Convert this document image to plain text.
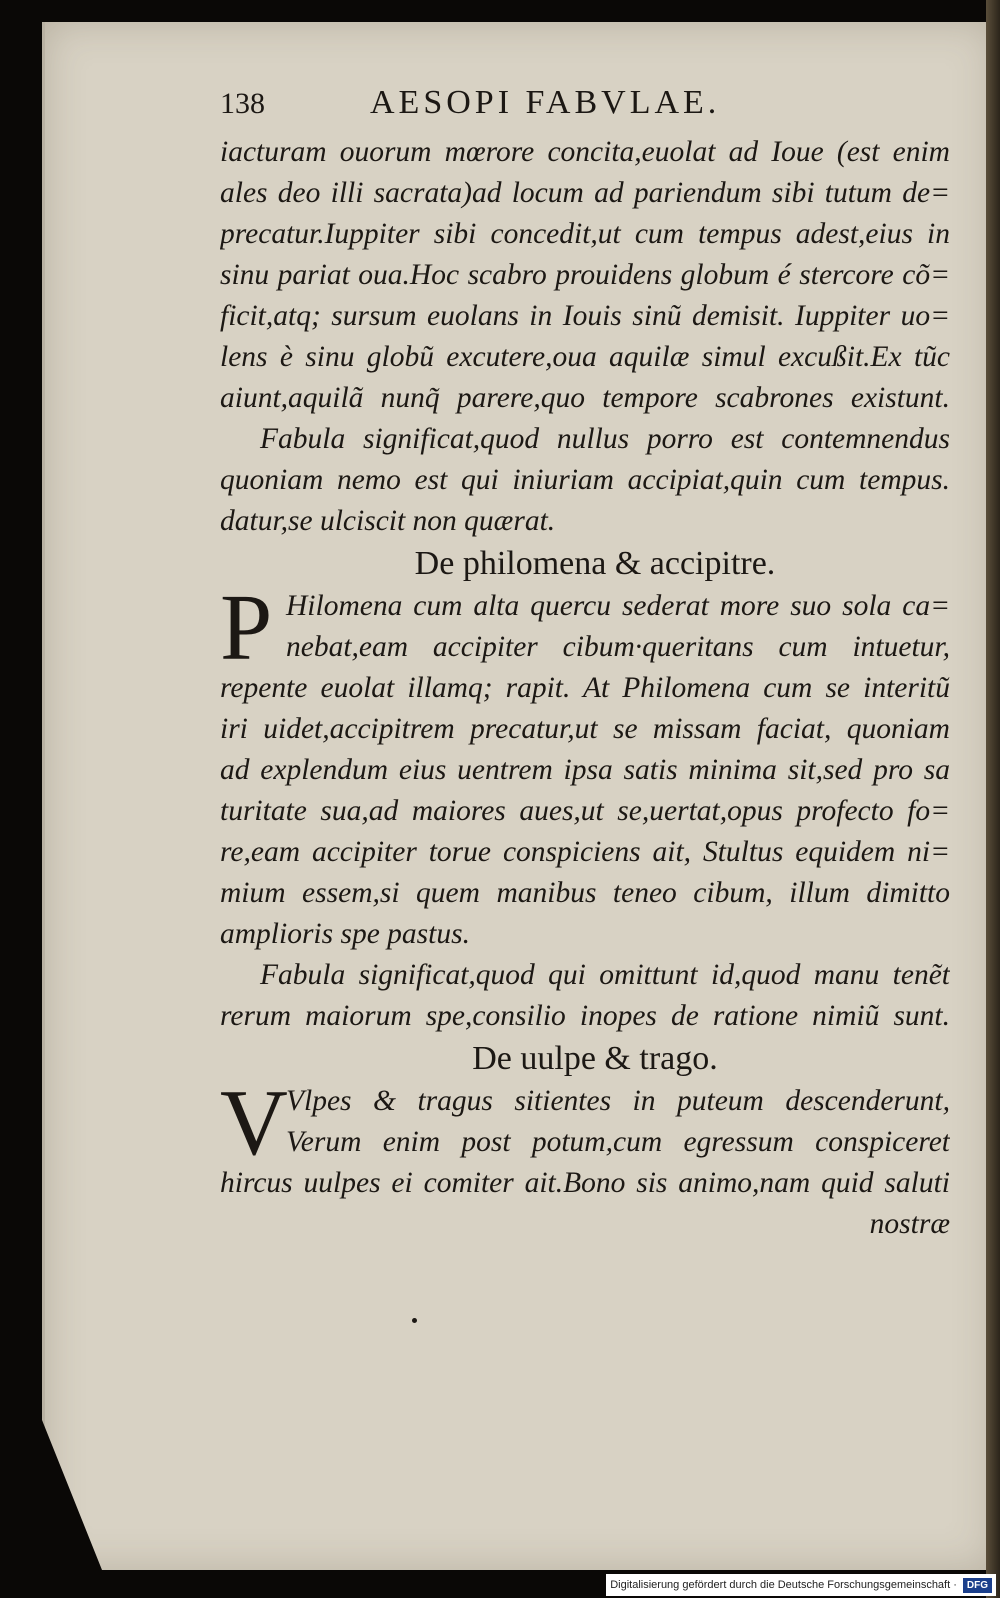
138	AESOPI FABVLAE.
iacturam ouorum mœrore concita,euolat ad Ioue (est enim
ales deo illi sacrata)ad locum ad pariendum sibi tutum de=
precatur.Iuppiter sibi concedit,ut cum tempus adest,eius in
sinu pariat oua.Hoc scabro prouidens globum é stercore cõ=
ficit,atq; sursum euolans in Iouis sinũ demisit. Iuppiter uo=
lens è sinu globũ excutere,oua aquilæ simul excußit.Ex tũc
aiunt,aquilã nunq̃ parere,quo tempore scabrones existunt.
Fabula significat,quod nullus porro est contemnendus
quoniam nemo est qui iniuriam accipiat,quin cum tempus.
datur,se ulciscit non quærat.
De philomena & accipitre.
P Hilomena cum alta quercu sederat more suo sola ca=
nebat,eam accipiter cibum·queritans cum intuetur,
repente euolat illamq; rapit. At Philomena cum se interitũ
iri uidet,accipitrem precatur,ut se missam faciat, quoniam
ad explendum eius uentrem ipsa satis minima sit,sed pro sa
turitate sua,ad maiores aues,ut se,uertat,opus profecto fo=
re,eam accipiter torue conspiciens ait, Stultus equidem ni=
mium essem,si quem manibus teneo cibum, illum dimitto
amplioris spe pastus.
Fabula significat,quod qui omittunt id,quod manu tenẽt
rerum maiorum spe,consilio inopes de ratione nimiũ sunt.
De uulpe & trago.
V
Vlpes & tragus sitientes in puteum descenderunt,
Verum enim post potum,cum egressum conspiceret
hircus uulpes ei comiter ait.Bono sis animo,nam quid saluti
nostræ
Digitalisierung gefördert durch die Deutsche Forschungsgemeinschaft ·	DFG
